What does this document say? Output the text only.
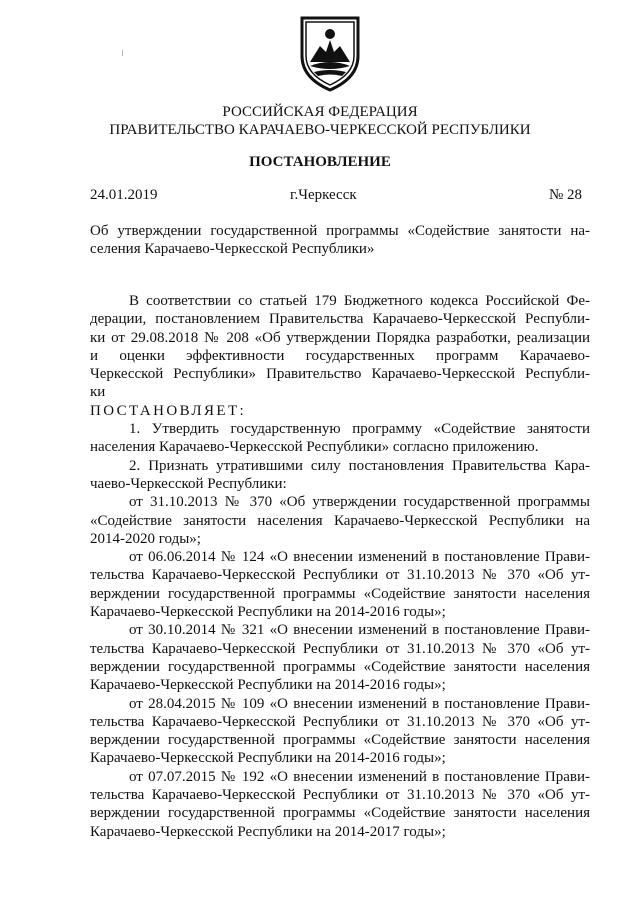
РОССИЙСКАЯ ФЕДЕРАЦИЯ

ПРАВИТЕЛЬСТВО КАРАЧАЕВО-ЧЕРКЕССКОЙ РЕСПУБЛИКИ

ПОСТАНОВЛЕНИЕ

24.01.2019	г.Черкесск	№ 28

Об утверждении государственной программы «Содействие занятости на-

селения Карачаево-Черкесской Республики»

В соответствии со статьей 179 Бюджетного кодекса Российской Фе-

дерации, постановлением Правительства Карачаево-Черкесской Республи-

ки от 29.08.2018 № 208 «Об утверждении Порядка разработки, реализации

и оценки эффективности государственных программ Карачаево-

Черкесской Республики» Правительство Карачаево-Черкесской Республи-

ки

ПОСТАНОВЛЯЕТ:

1. Утвердить государственную программу «Содействие занятости

населения Карачаево-Черкесской Республики» согласно приложению.

2. Признать утратившими силу постановления Правительства Кара-

чаево-Черкесской Республики:

от 31.10.2013 № 370 «Об утверждении государственной программы

«Содействие занятости населения Карачаево-Черкесской Республики на

2014-2020 годы»;

от 06.06.2014 № 124 «О внесении изменений в постановление Прави-

тельства Карачаево-Черкесской Республики от 31.10.2013 № 370 «Об ут-

верждении государственной программы «Содействие занятости населения

Карачаево-Черкесской Республики на 2014-2016 годы»;

от 30.10.2014 № 321 «О внесении изменений в постановление Прави-

тельства Карачаево-Черкесской Республики от 31.10.2013 № 370 «Об ут-

верждении государственной программы «Содействие занятости населения

Карачаево-Черкесской Республики на 2014-2016 годы»;

от 28.04.2015 № 109 «О внесении изменений в постановление Прави-

тельства Карачаево-Черкесской Республики от 31.10.2013 № 370 «Об ут-

верждении государственной программы «Содействие занятости населения

Карачаево-Черкесской Республики на 2014-2016 годы»;

от 07.07.2015 № 192 «О внесении изменений в постановление Прави-

тельства Карачаево-Черкесской Республики от 31.10.2013 № 370 «Об ут-

верждении государственной программы «Содействие занятости населения

Карачаево-Черкесской Республики на 2014-2017 годы»;
